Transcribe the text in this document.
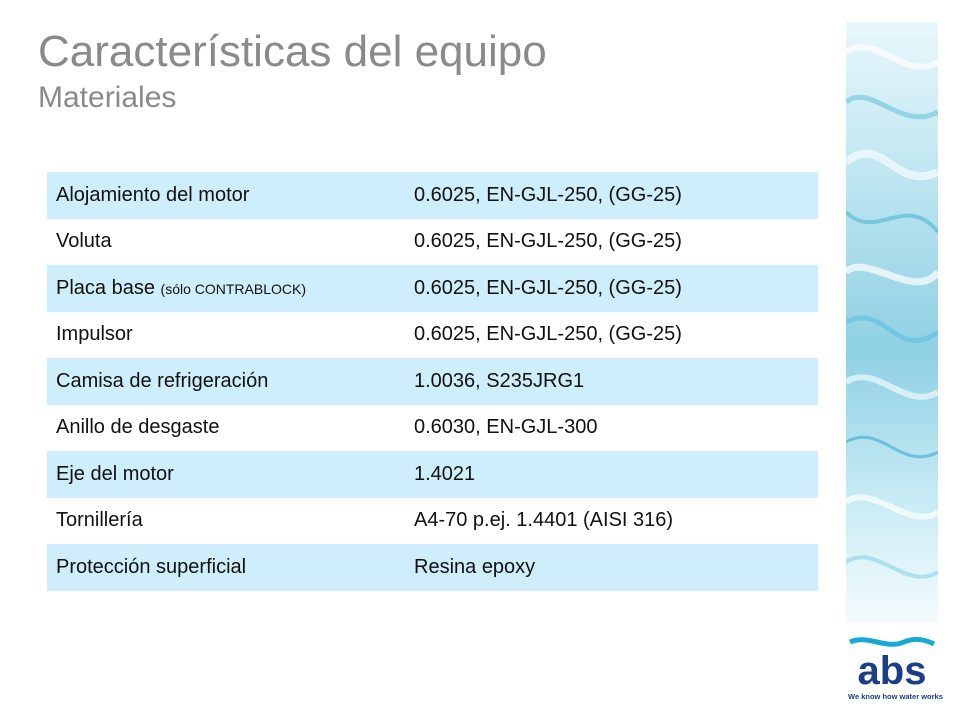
Características del equipo
Materiales
Alojamiento del motor	0.6025, EN-GJL-250, (GG-25)
Voluta	0.6025, EN-GJL-250, (GG-25)
Placa base (sólo CONTRABLOCK)	0.6025, EN-GJL-250, (GG-25)
Impulsor	0.6025, EN-GJL-250, (GG-25)
Camisa de refrigeración	1.0036, S235JRG1
Anillo de desgaste	0.6030, EN-GJL-300
Eje del motor	1.4021
Tornillería	A4-70 p.ej. 1.4401 (AISI 316)
Protección superficial	Resina epoxy
abs
We know how water works
